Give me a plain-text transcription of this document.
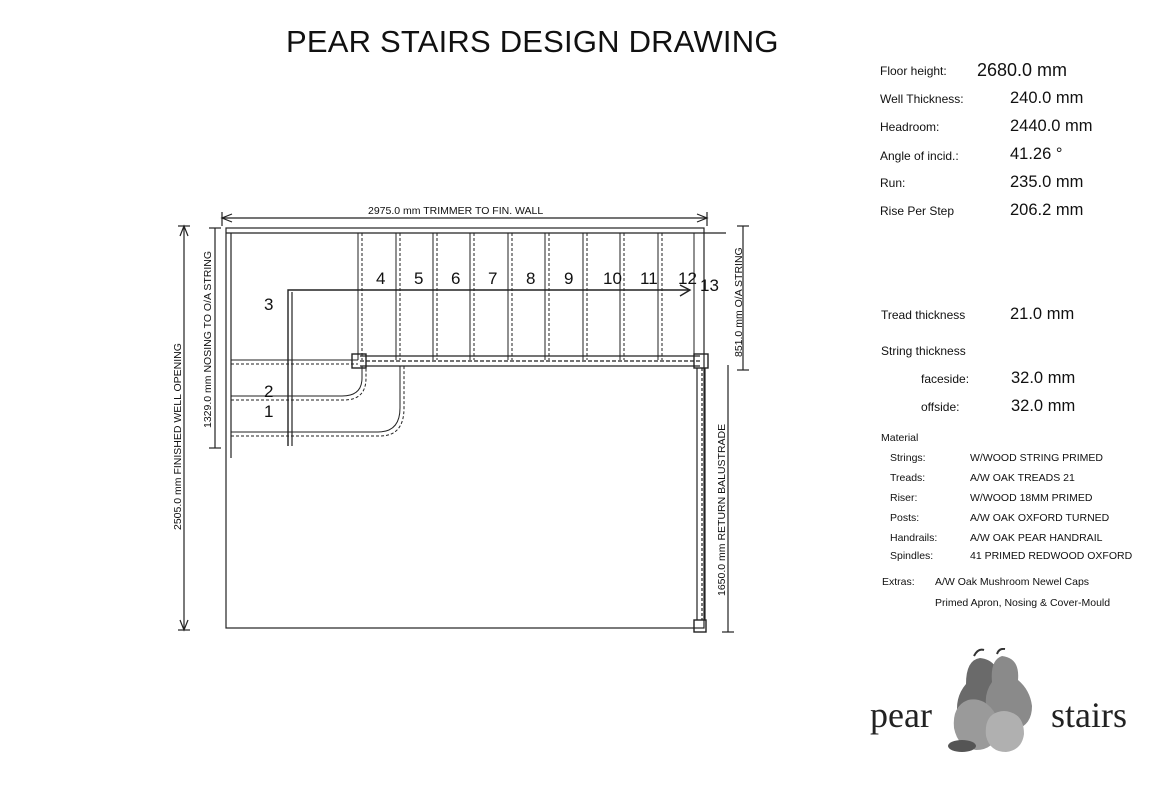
PEAR STAIRS DESIGN DRAWING
1
2
3
4 5 6 7 8 9 10 11 12 13
2975.0 mm TRIMMER TO FIN. WALL
2505.0 mm FINISHED WELL OPENING
1329.0 mm NOSING TO O/A STRING	851.0 mm O/A STRING
1650.0 mm RETURN BALUSTRADE
Floor height: 2680.0 mm
Well Thickness:	240.0 mm
Headroom:	2440.0 mm
Angle of incid.:	41.26 °
Run:	235.0 mm
Rise Per Step	206.2 mm
Tread thickness	21.0 mm
String thickness
faceside:	32.0 mm
offside:	32.0 mm
Material
Strings:	W/WOOD STRING PRIMED
Treads:	A/W OAK TREADS 21
Riser:	W/WOOD 18MM PRIMED
Posts:	A/W OAK OXFORD TURNED
Handrails:	A/W OAK PEAR HANDRAIL
Spindles:	41 PRIMED REDWOOD OXFORD
Extras: A/W Oak Mushroom Newel Caps
Primed Apron, Nosing & Cover-Mould
pear	stairs
